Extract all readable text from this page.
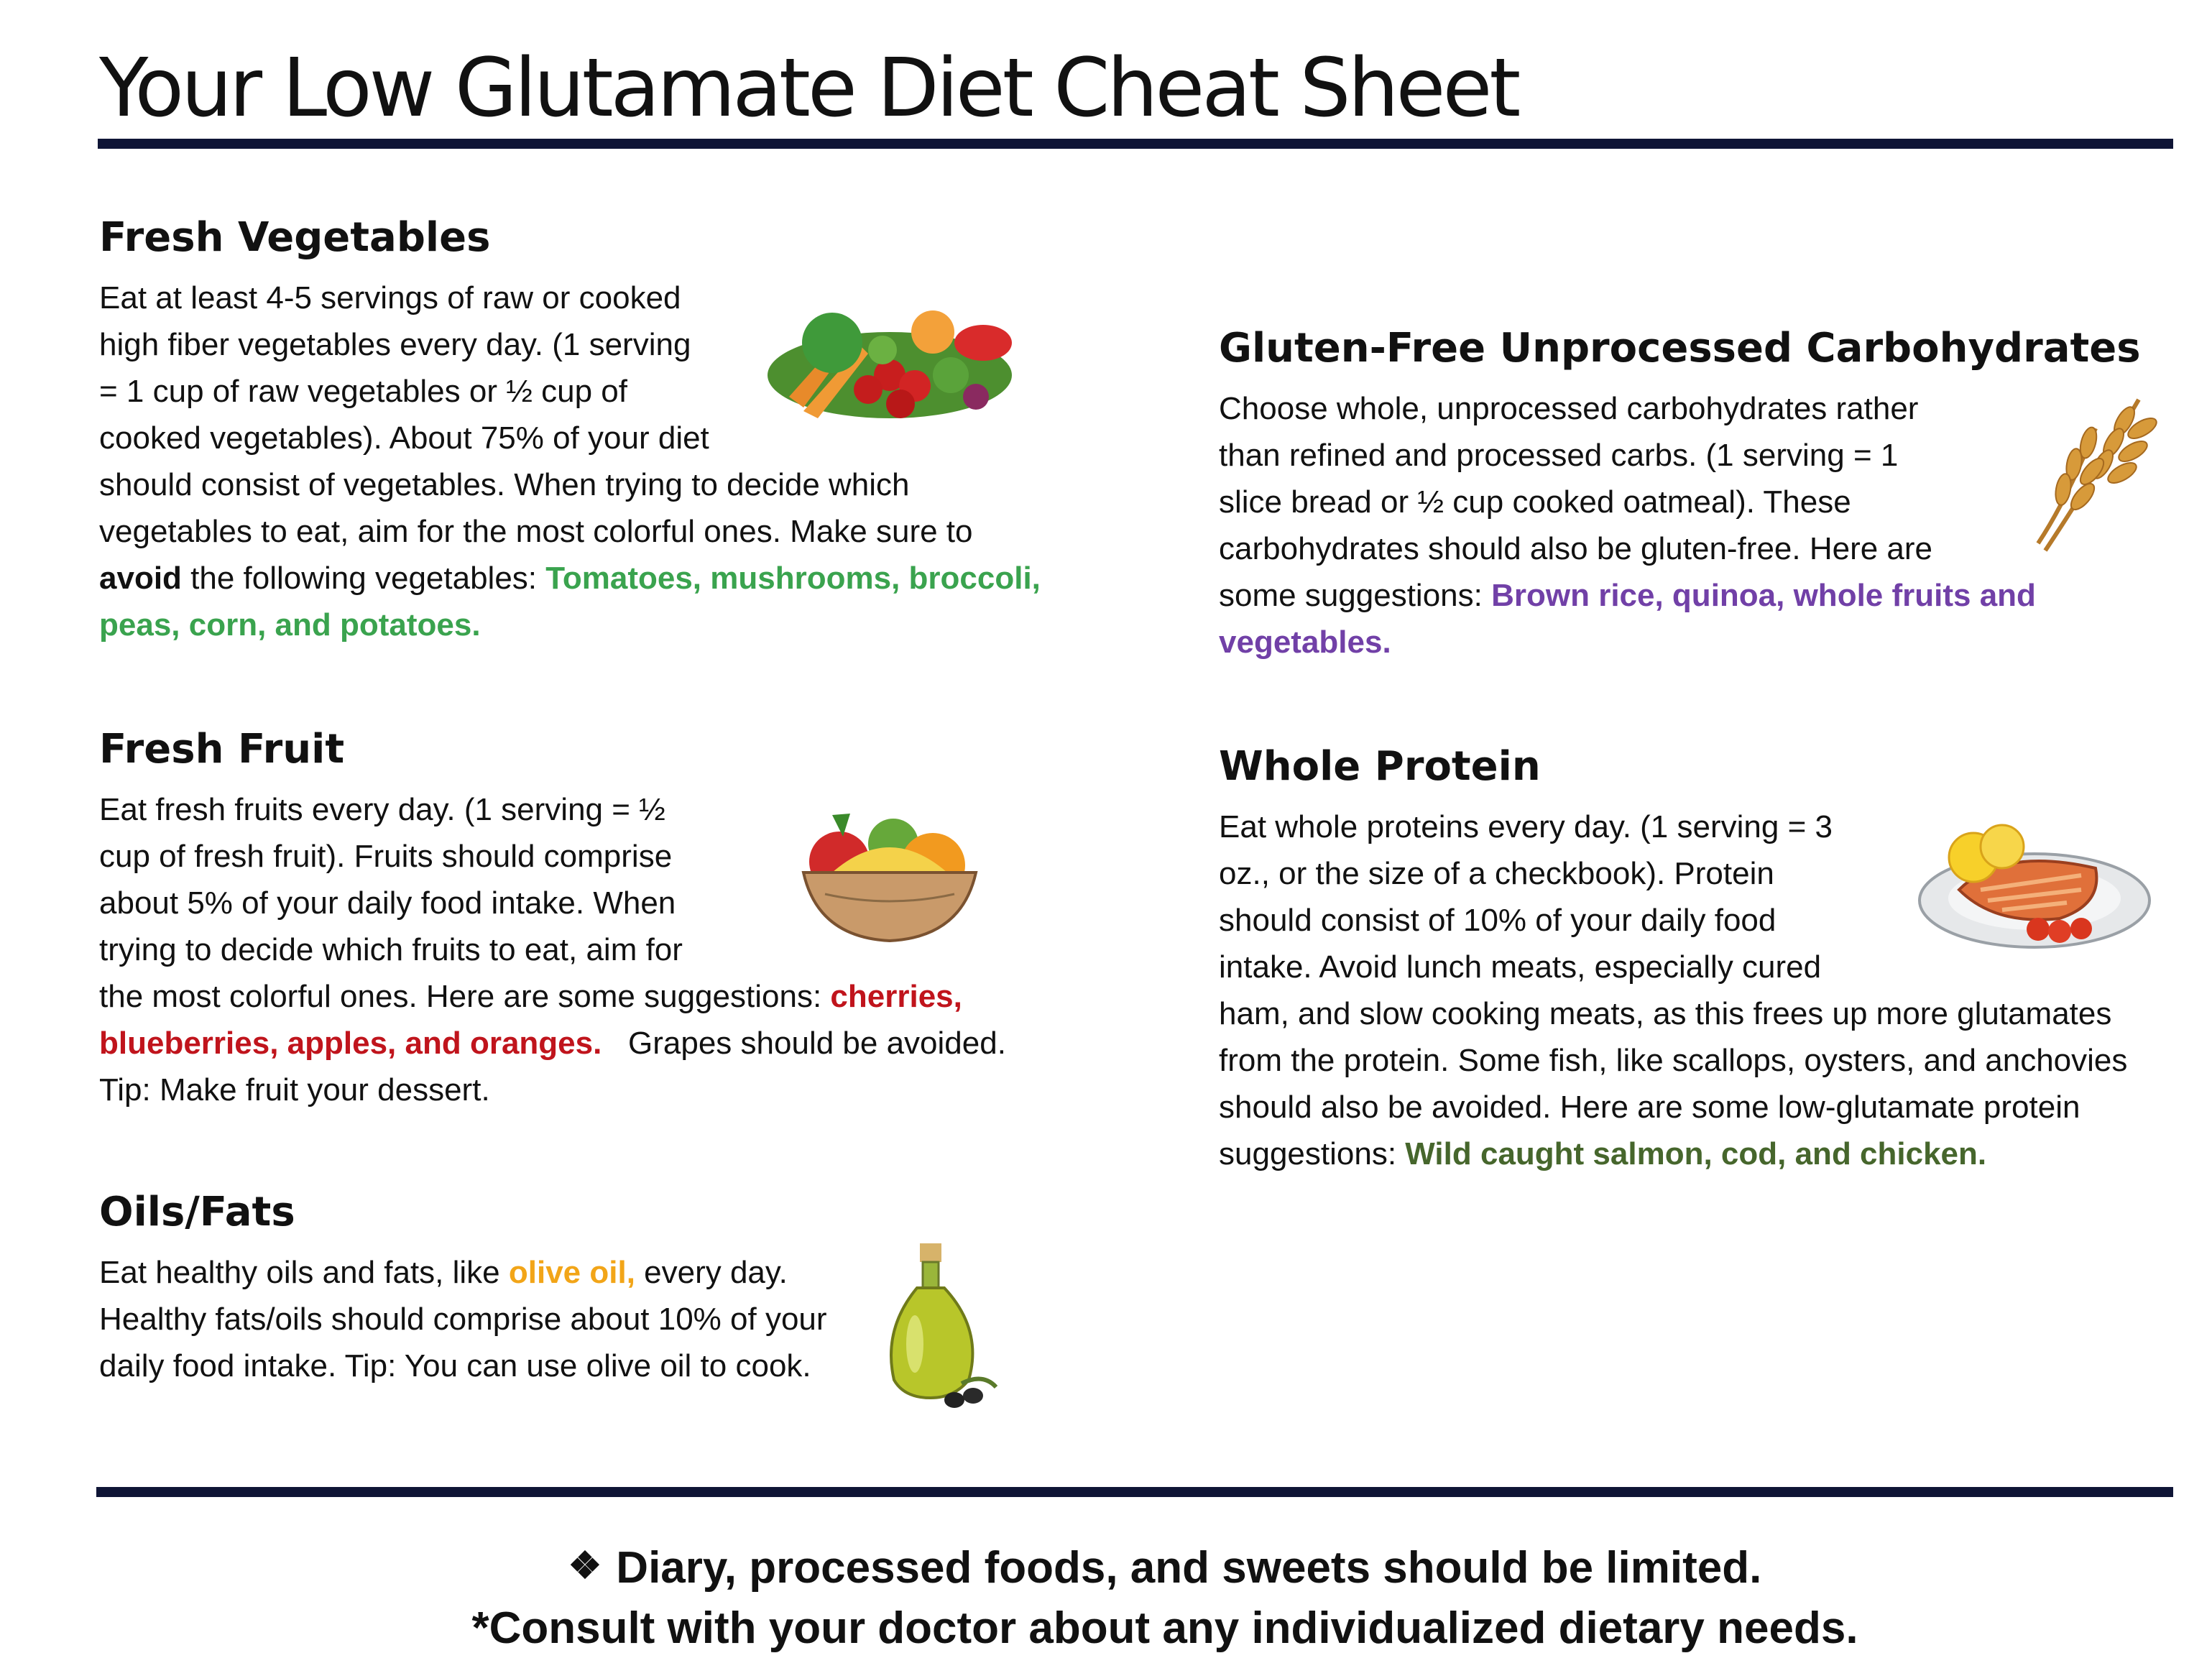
Your Low Glutamate Diet Cheat Sheet
Fresh Vegetables

Eat at least 4-5 servings of raw or cooked high fiber vegetables every day. (1 serving = 1 cup of raw vegetables or ½ cup of cooked vegetables). About 75% of your diet should consist of vegetables. When trying to decide which vegetables to eat, aim for the most colorful ones. Make sure to avoid the following vegetables: Tomatoes, mushrooms, broccoli, peas, corn, and potatoes.

Fresh Fruit

Eat fresh fruits every day. (1 serving = ½ cup of fresh fruit). Fruits should comprise about 5% of your daily food intake. When trying to decide which fruits to eat, aim for the most colorful ones. Here are some suggestions: cherries, blueberries, apples, and oranges.   Grapes should be avoided. Tip: Make fruit your dessert.

Oils/Fats

Eat healthy oils and fats, like olive oil, every day. Healthy fats/oils should comprise about 10% of your daily food intake. Tip: You can use olive oil to cook.

Gluten-Free Unprocessed Carbohydrates

Choose whole, unprocessed carbohydrates rather than refined and processed carbs. (1 serving = 1 slice bread or ½ cup cooked oatmeal). These carbohydrates should also be gluten-free. Here are some suggestions: Brown rice, quinoa, whole fruits and vegetables.

Whole Protein

Eat whole proteins every day. (1 serving = 3 oz., or the size of a checkbook). Protein should consist of 10% of your daily food intake. Avoid lunch meats, especially cured ham, and slow cooking meats, as this frees up more glutamates from the protein. Some fish, like scallops, oysters, and anchovies should also be avoided. Here are some low-glutamate protein suggestions: Wild caught salmon, cod, and chicken.

❖ Diary, processed foods, and sweets should be limited.
*Consult with your doctor about any individualized dietary needs.
